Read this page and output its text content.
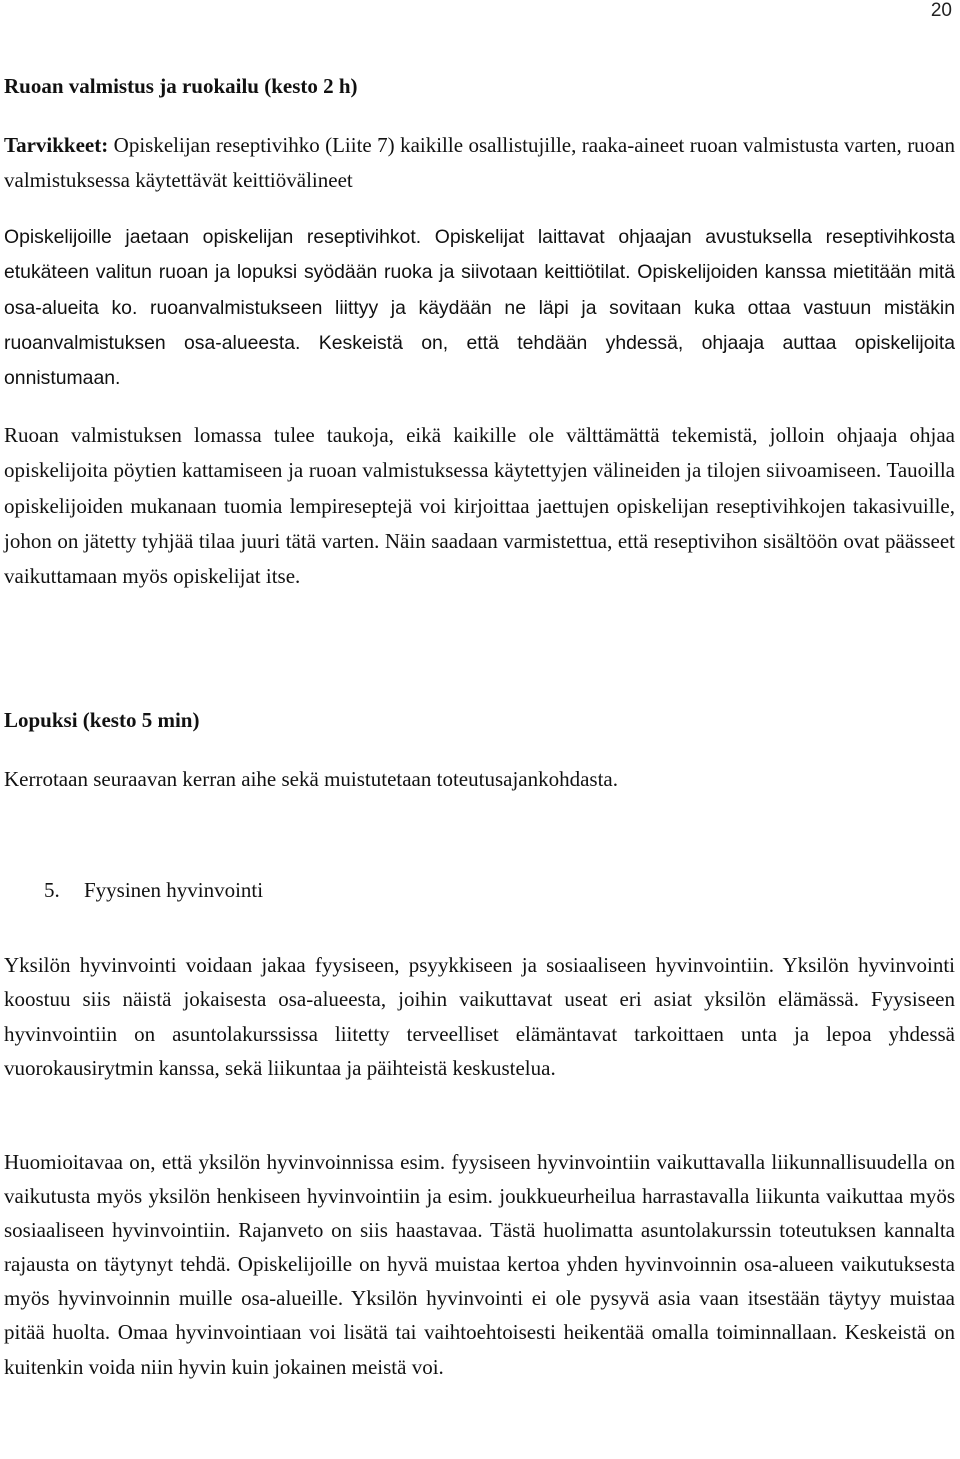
20
Ruoan valmistus ja ruokailu (kesto 2 h)

Tarvikkeet: Opiskelijan reseptivihko (Liite 7) kaikille osallistujille, raaka-aineet ruoan valmistusta varten, ruoan valmistuksessa käytettävät keittiövälineet

Opiskelijoille jaetaan opiskelijan reseptivihkot. Opiskelijat laittavat ohjaajan avustuksella reseptivihkosta etukäteen valitun ruoan ja lopuksi syödään ruoka ja siivotaan keittiötilat. Opiskelijoiden kanssa mietitään mitä osa-alueita ko. ruoanvalmistukseen liittyy ja käydään ne läpi ja sovitaan kuka ottaa vastuun mistäkin ruoanvalmistuksen osa-alueesta. Keskeistä on, että tehdään yhdessä, ohjaaja auttaa opiskelijoita onnistumaan.

Ruoan valmistuksen lomassa tulee taukoja, eikä kaikille ole välttämättä tekemistä, jolloin ohjaaja ohjaa opiskelijoita pöytien kattamiseen ja ruoan valmistuksessa käytettyjen välineiden ja tilojen siivoamiseen. Tauoilla opiskelijoiden mukanaan tuomia lempireseptejä voi kirjoittaa jaettujen opiskelijan reseptivihkojen takasivuille, johon on jätetty tyhjää tilaa juuri tätä varten. Näin saadaan varmistettua, että reseptivihon sisältöön ovat päässeet vaikuttamaan myös opiskelijat itse.

Lopuksi (kesto 5 min)

Kerrotaan seuraavan kerran aihe sekä muistutetaan toteutusajankohdasta.

5. Fyysinen hyvinvointi

Yksilön hyvinvointi voidaan jakaa fyysiseen, psyykkiseen ja sosiaaliseen hyvinvointiin. Yksilön hyvinvointi koostuu siis näistä jokaisesta osa-alueesta, joihin vaikuttavat useat eri asiat yksilön elämässä. Fyysiseen hyvinvointiin on asuntolakurssissa liitetty terveelliset elämäntavat tarkoittaen unta ja lepoa yhdessä vuorokausirytmin kanssa, sekä liikuntaa ja päihteistä keskustelua.

Huomioitavaa on, että yksilön hyvinvoinnissa esim. fyysiseen hyvinvointiin vaikuttavalla liikunnallisuudella on vaikutusta myös yksilön henkiseen hyvinvointiin ja esim. joukkueurheilua harrastavalla liikunta vaikuttaa myös sosiaaliseen hyvinvointiin. Rajanveto on siis haastavaa. Tästä huolimatta asuntolakurssin toteutuksen kannalta rajausta on täytynyt tehdä. Opiskelijoille on hyvä muistaa kertoa yhden hyvinvoinnin osa-alueen vaikutuksesta myös hyvinvoinnin muille osa-alueille. Yksilön hyvinvointi ei ole pysyvä asia vaan itsestään täytyy muistaa pitää huolta. Omaa hyvinvointiaan voi lisätä tai vaihtoehtoisesti heikentää omalla toiminnallaan. Keskeistä on kuitenkin voida niin hyvin kuin jokainen meistä voi.
